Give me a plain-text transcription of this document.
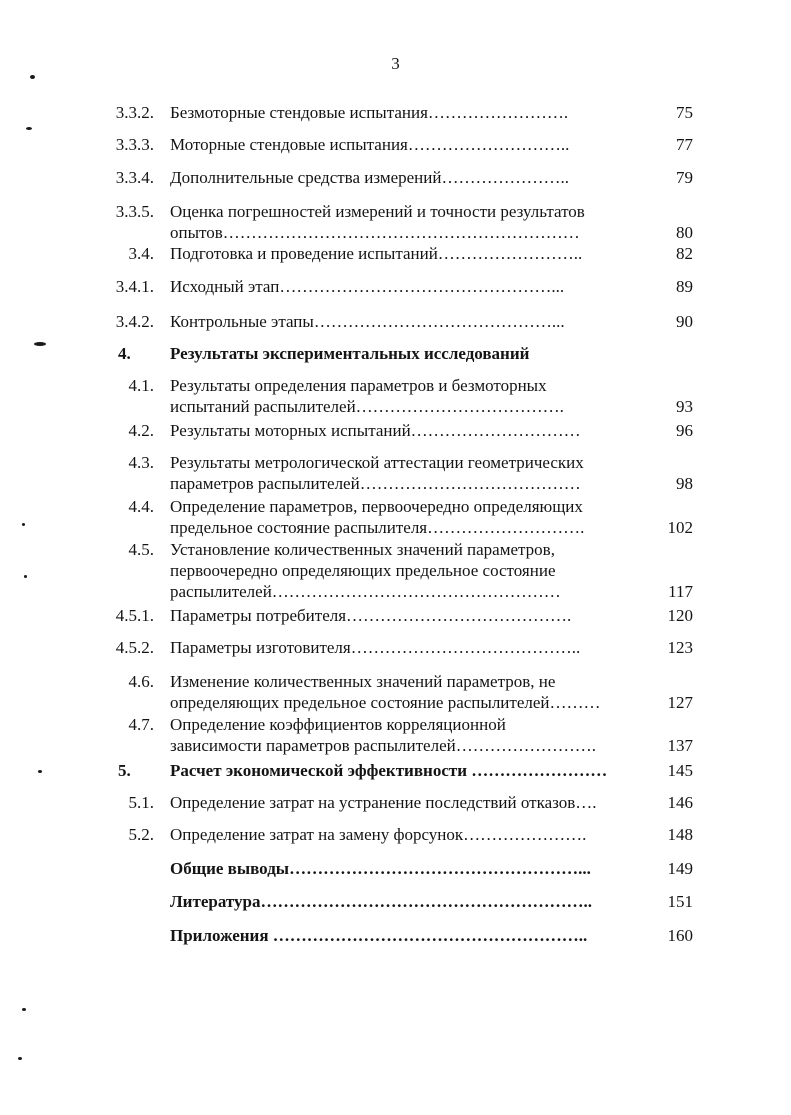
3
3.3.2. Безмоторные стендовые испытания…………………….	75
3.3.3. Моторные стендовые испытания………………………..	77
3.3.4. Дополнительные средства измерений…………………..	79
3.3.5. Оценка погрешностей измерений и точности результатов
опытов………………………………………………………	80
3.4. Подготовка и проведение испытаний……………………..	82
3.4.1. Исходный этап…………………………………………...	89
3.4.2. Контрольные этапы……………………………………...	90
4. Результаты экспериментальных исследований
4.1. Результаты определения параметров и безмоторных
испытаний распылителей……………………………….	93
4.2. Результаты моторных испытаний…………………………	96
4.3. Результаты метрологической аттестации геометрических
параметров распылителей…………………………………	98
4.4. Определение параметров, первоочередно определяющих
предельное состояние распылителя……………………….	102
4.5. Установление количественных значений параметров,
первоочередно определяющих предельное состояние
распылителей……………………………………………	117
4.5.1. Параметры потребителя………………………………….	120
4.5.2. Параметры изготовителя…………………………………..	123
4.6. Изменение количественных значений параметров, не
определяющих предельное состояние распылителей………	127
4.7. Определение коэффициентов корреляционной
зависимости параметров распылителей…………………….	137
5. Расчет экономической эффективности ……………………	145
5.1. Определение затрат на устранение последствий отказов….	146
5.2. Определение затрат на замену форсунок………………….	148
Общие выводы……………………………………………...	149
Литература…………………………………………………..	151
Приложения ………………………………………………..	160
